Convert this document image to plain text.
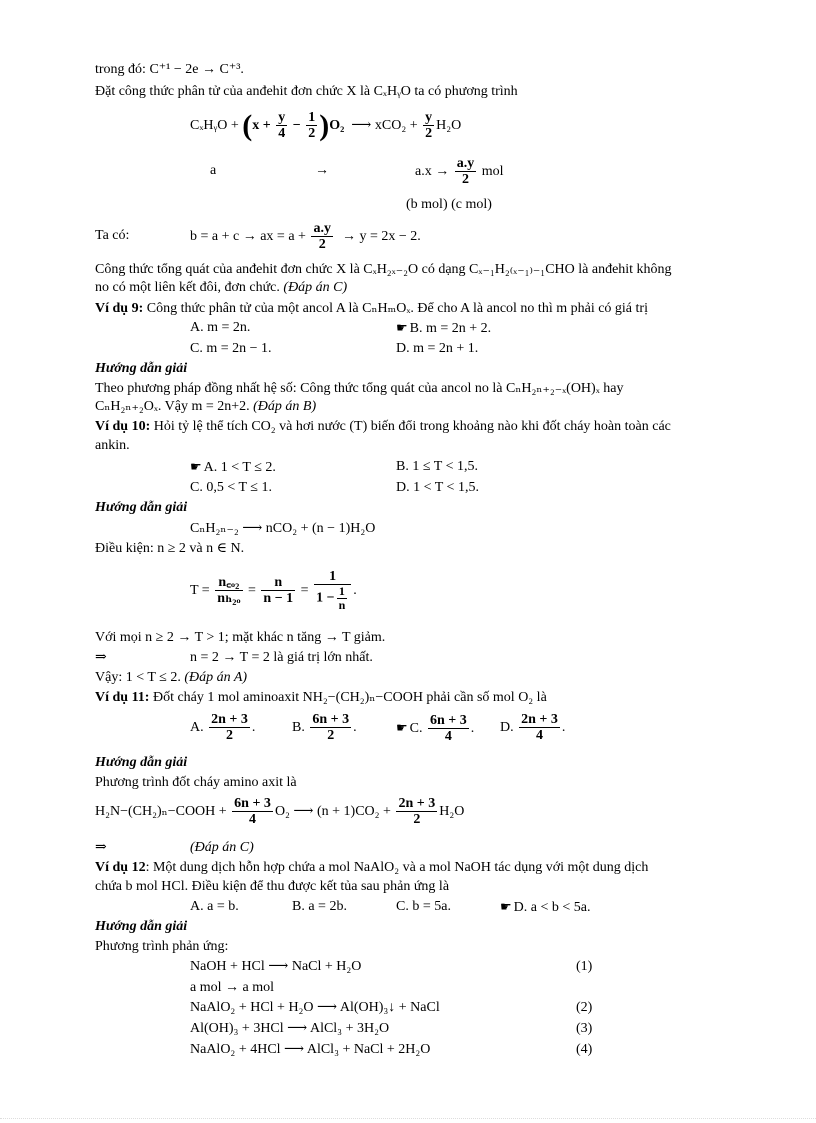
trong đó: C⁺¹ − 2e → C⁺³.
Đặt công thức phân tử của anđehit đơn chức X là CₓHᵧO ta có phương trình
CₓHᵧO + $(x + \frac{y}{4} - \frac{1}{2} )O_2$ ⟶ $xCO_2 + \frac{y}{2} H_2O$
a	→	$a.x \to \frac{a.y}{2}$ mol
(b mol) (c mol)
Ta có:	b = a + c → ax = $a + \frac{a.y}{2} \to y = 2x - 2$.
Công thức tổng quát của anđehit đơn chức X là CₓH₂ₓ₋₂O có dạng Cₓ₋₁H₂₍ₓ₋₁₎₋₁CHO là anđehit không
no có một liên kết đôi, đơn chức. (Đáp án C)
Ví dụ 9: Công thức phân tử của một ancol A là CₙHₘOₓ. Để cho A là ancol no thì m phải có giá trị
A. m = 2n.	☛ B. m = 2n + 2.
C. m = 2n − 1.	D. m = 2n + 1.
Hướng dẫn giải
Theo phương pháp đồng nhất hệ số: Công thức tổng quát của ancol no là CₙH₂ₙ₊₂₋ₓ(OH)ₓ hay
CₙH₂ₙ₊₂Oₓ. Vậy m = 2n+2. (Đáp án B)
Ví dụ 10: Hỏi tỷ lệ thể tích CO₂ và hơi nước (T) biến đổi trong khoảng nào khi đốt cháy hoàn toàn các
ankin.
☛ A. 1 < T ≤ 2.	B. 1 ≤ T < 1,5.
C. 0,5 < T ≤ 1.	D. 1 < T < 1,5.
Hướng dẫn giải
CₙH₂ₙ₋₂ ⟶ nCO₂ + (n − 1)H₂O
Điều kiện: n ≥ 2 và n ∈ N.
$T = \frac{\text{n꜀ₒ₂}}{\text{nₕ₂ₒ}} = \frac{n}{n - 1} = \frac{1}{1 - \frac{1}{n}}$ .
Với mọi n ≥ 2 → T > 1; mặt khác n tăng → T giảm.
⇒	n = 2 → T = 2 là giá trị lớn nhất.
Vậy: 1 < T ≤ 2. (Đáp án A)
Ví dụ 11: Đốt cháy 1 mol aminoaxit NH₂−(CH₂)ₙ−COOH phải cần số mol O₂ là
A. $\frac{2n + 3}{2}$ .	B. $\frac{6n + 3}{2}$ .	☛ C. $\frac{6n + 3}{4}$ . D. $\frac{2n + 3}{4}$ .
Hướng dẫn giải
Phương trình đốt cháy amino axit là
H₂N−(CH₂)ₙ−COOH + $\frac{6n + 3}{4} O_2$ ⟶ $(n + 1)CO_2 + \frac{2n + 3}{2} H_2O$
⇒	(Đáp án C)
Ví dụ 12: Một dung dịch hỗn hợp chứa a mol NaAlO₂ và a mol NaOH tác dụng với một dung dịch
chứa b mol HCl. Điều kiện để thu được kết tủa sau phản ứng là
A. a = b.	B. a = 2b.	C. b = 5a.	☛ D. a < b < 5a.
Hướng dẫn giải
Phương trình phản ứng:
NaOH + HCl ⟶ NaCl + H₂O	(1)
a mol → a mol
NaAlO₂ + HCl + H₂O ⟶ Al(OH)₃↓ + NaCl	(2)
Al(OH)₃ + 3HCl ⟶ AlCl₃ + 3H₂O	(3)
NaAlO₂ + 4HCl ⟶ AlCl₃ + NaCl + 2H₂O	(4)
